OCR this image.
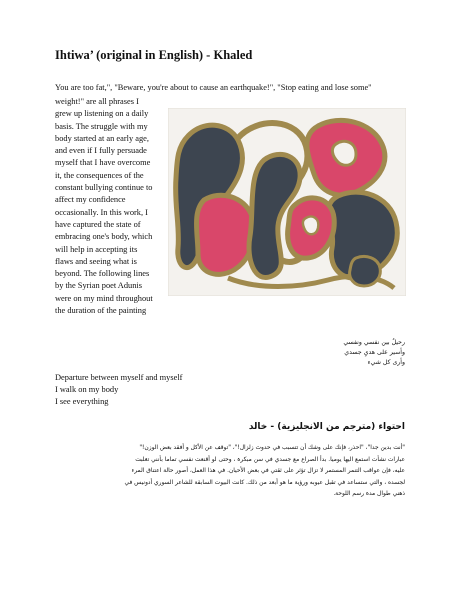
Ihtiwa’ (original in English) - Khaled
You are too fat,", "Beware, you're about to cause an earthquake!", "Stop eating and lose some"
weight!" are all phrases I
grew up listening on a daily
basis. The struggle with my
body started at an early age,
and even if I fully persuade
myself that I have overcome
it, the consequences of the
constant bullying continue to
affect my confidence
occasionally. In this work, I
have captured the state of
embracing one's body, which
will help in accepting its
flaws and seeing what is
beyond. The following lines
by the Syrian poet Adunis
were on my mind throughout
the duration of the painting
رحيلٌ بين نفسي ونفسي
وأسير على هديِ جسدي
وأرى كل شيء
Departure between myself and myself
I walk on my body
I see everything
احتواء (مترجم من الانجليزية) - خالد
"أنت بدين جدا"، "احذر، فإنك على وشك أن تتسبب في حدوث زلزال!"، "توقف عن الأكل و أفقد بعض الوزن!"
عبارات نشأت استمع اليها يوميا. بدأ الصراع مع جسدي في سن مبكرة ، وحتى لو أقنعت نفسي تماما بأنني تغلبت
عليه، فإن عواقب التنمر المستمر لا تزال تؤثر على ثقتي في بعض الأحيان. في هذا العمل، أصور حالة اعتناق المرء
لجسده ، والتي ستساعد في تقبل عيوبه ورؤية ما هو أبعد من ذلك. كانت البيوت السابقة للشاعر السوري أدونيس في
ذهني طوال مدة رسم اللوحة.
